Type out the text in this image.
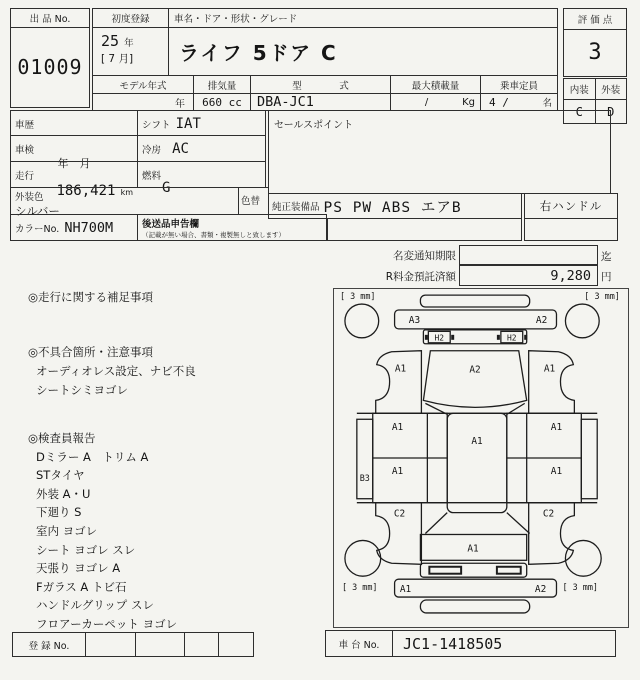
出 品 No.
01009
初度登録
25 年
[ 7 月]
車名・ドア・形状・グレード
ライフ 5ドア C
モデル年式	排気量	型　式	最大積載量	乗車定員
年	660 cc	DBA-JC1	/	Kg	4 /	名
評 価 点
3
内装	外装
C	D
車歴	シフト IAT
車検
年　月
冷房 AC
走行
186,421 km
燃料
G
外装色
シルバー
色替
カラーNo. NH700M	後送品申告欄
（記載が無い場合、書類・複製無しと致します）
セールスポイント
純正装備品 PS PW ABS エアB	右ハンドル
名変通知期限	迄
R料金預託済額	9,280 円
◎走行に関する補足事項
◎不具合箇所・注意事項
オーディオレス設定、ナビ不良
シートシミヨゴレ
◎検査員報告
Dミラー A　トリム A
STタイヤ
外装 A・U
下廻り S
室内 ヨゴレ
シート ヨゴレ スレ
天張り ヨゴレ A
Fガラス A トビ石
ハンドルグリップ スレ
フロアーカーペット ヨゴレ
[ 3 mm]	[ 3 mm]
[ 3 mm]	[ 3 mm]
A3	A2
H2	H2
A2
A1	A1
B3
A1
A1
A1
A1
A1
C2	C2
A1
A1	A2
登 録 No.	車 台 No.	JC1-1418505
